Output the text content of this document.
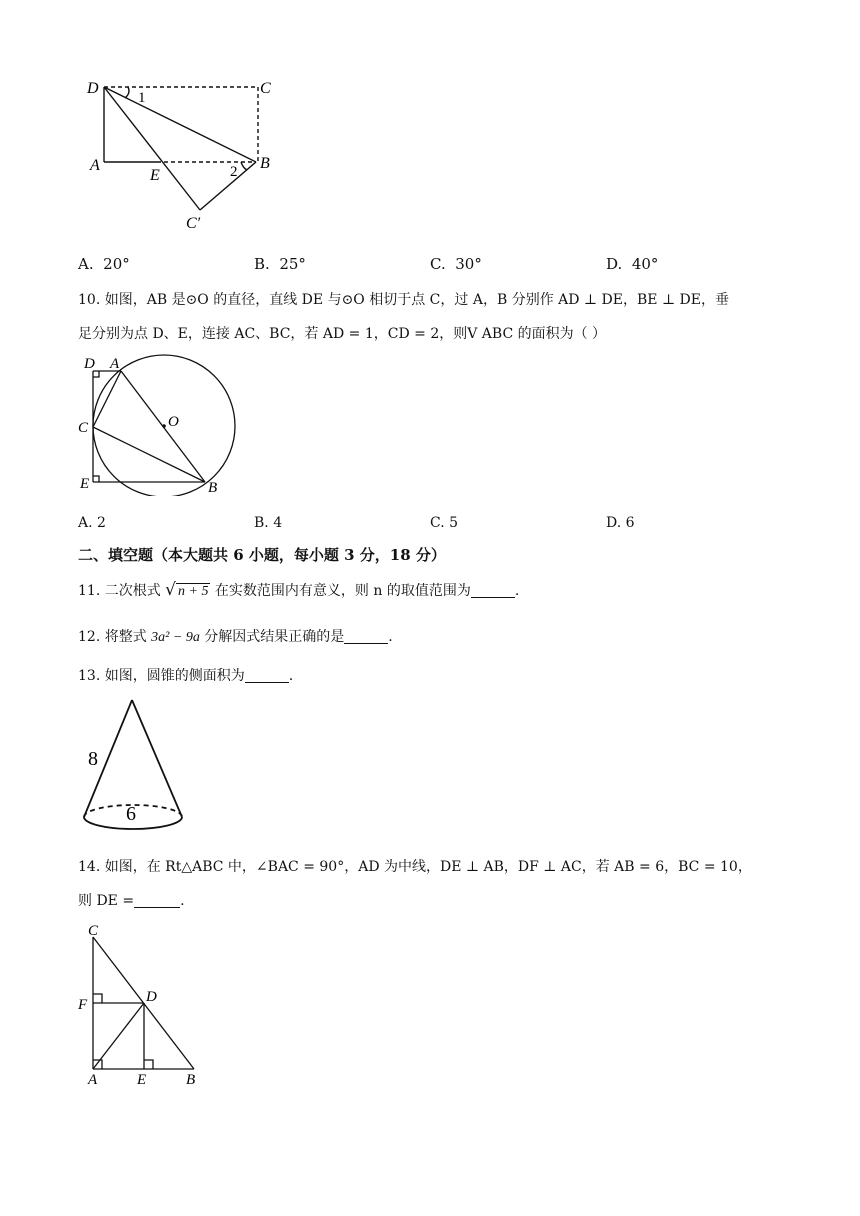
D	C
A
E
B
C′
1
2
A. 20°	B. 25°	C. 30°	D. 40°
10. 如图，AB 是⊙O 的直径，直线 DE 与⊙O 相切于点 C，过 A，B 分别作 AD ⊥ DE，BE ⊥ DE，垂
足分别为点 D、E，连接 AC、BC，若 AD = 1，CD = 2，则V ABC 的面积为（ ）
D A
O
C
E	B
A. 2	B. 4	C. 5	D. 6
二、填空题（本大题共 6 小题，每小题 3 分，18 分）
11. 二次根式 √ n + 5 在实数范围内有意义，则 n 的取值范围为	.
12. 将整式 3a² − 9a 分解因式结果正确的是	.
13. 如图，圆锥的侧面积为	.
8
6
14. 如图，在 Rt△ABC 中，∠BAC = 90°，AD 为中线，DE ⊥ AB，DF ⊥ AC，若 AB = 6，BC = 10，
则 DE =	.
C
F	D
A	E	B
